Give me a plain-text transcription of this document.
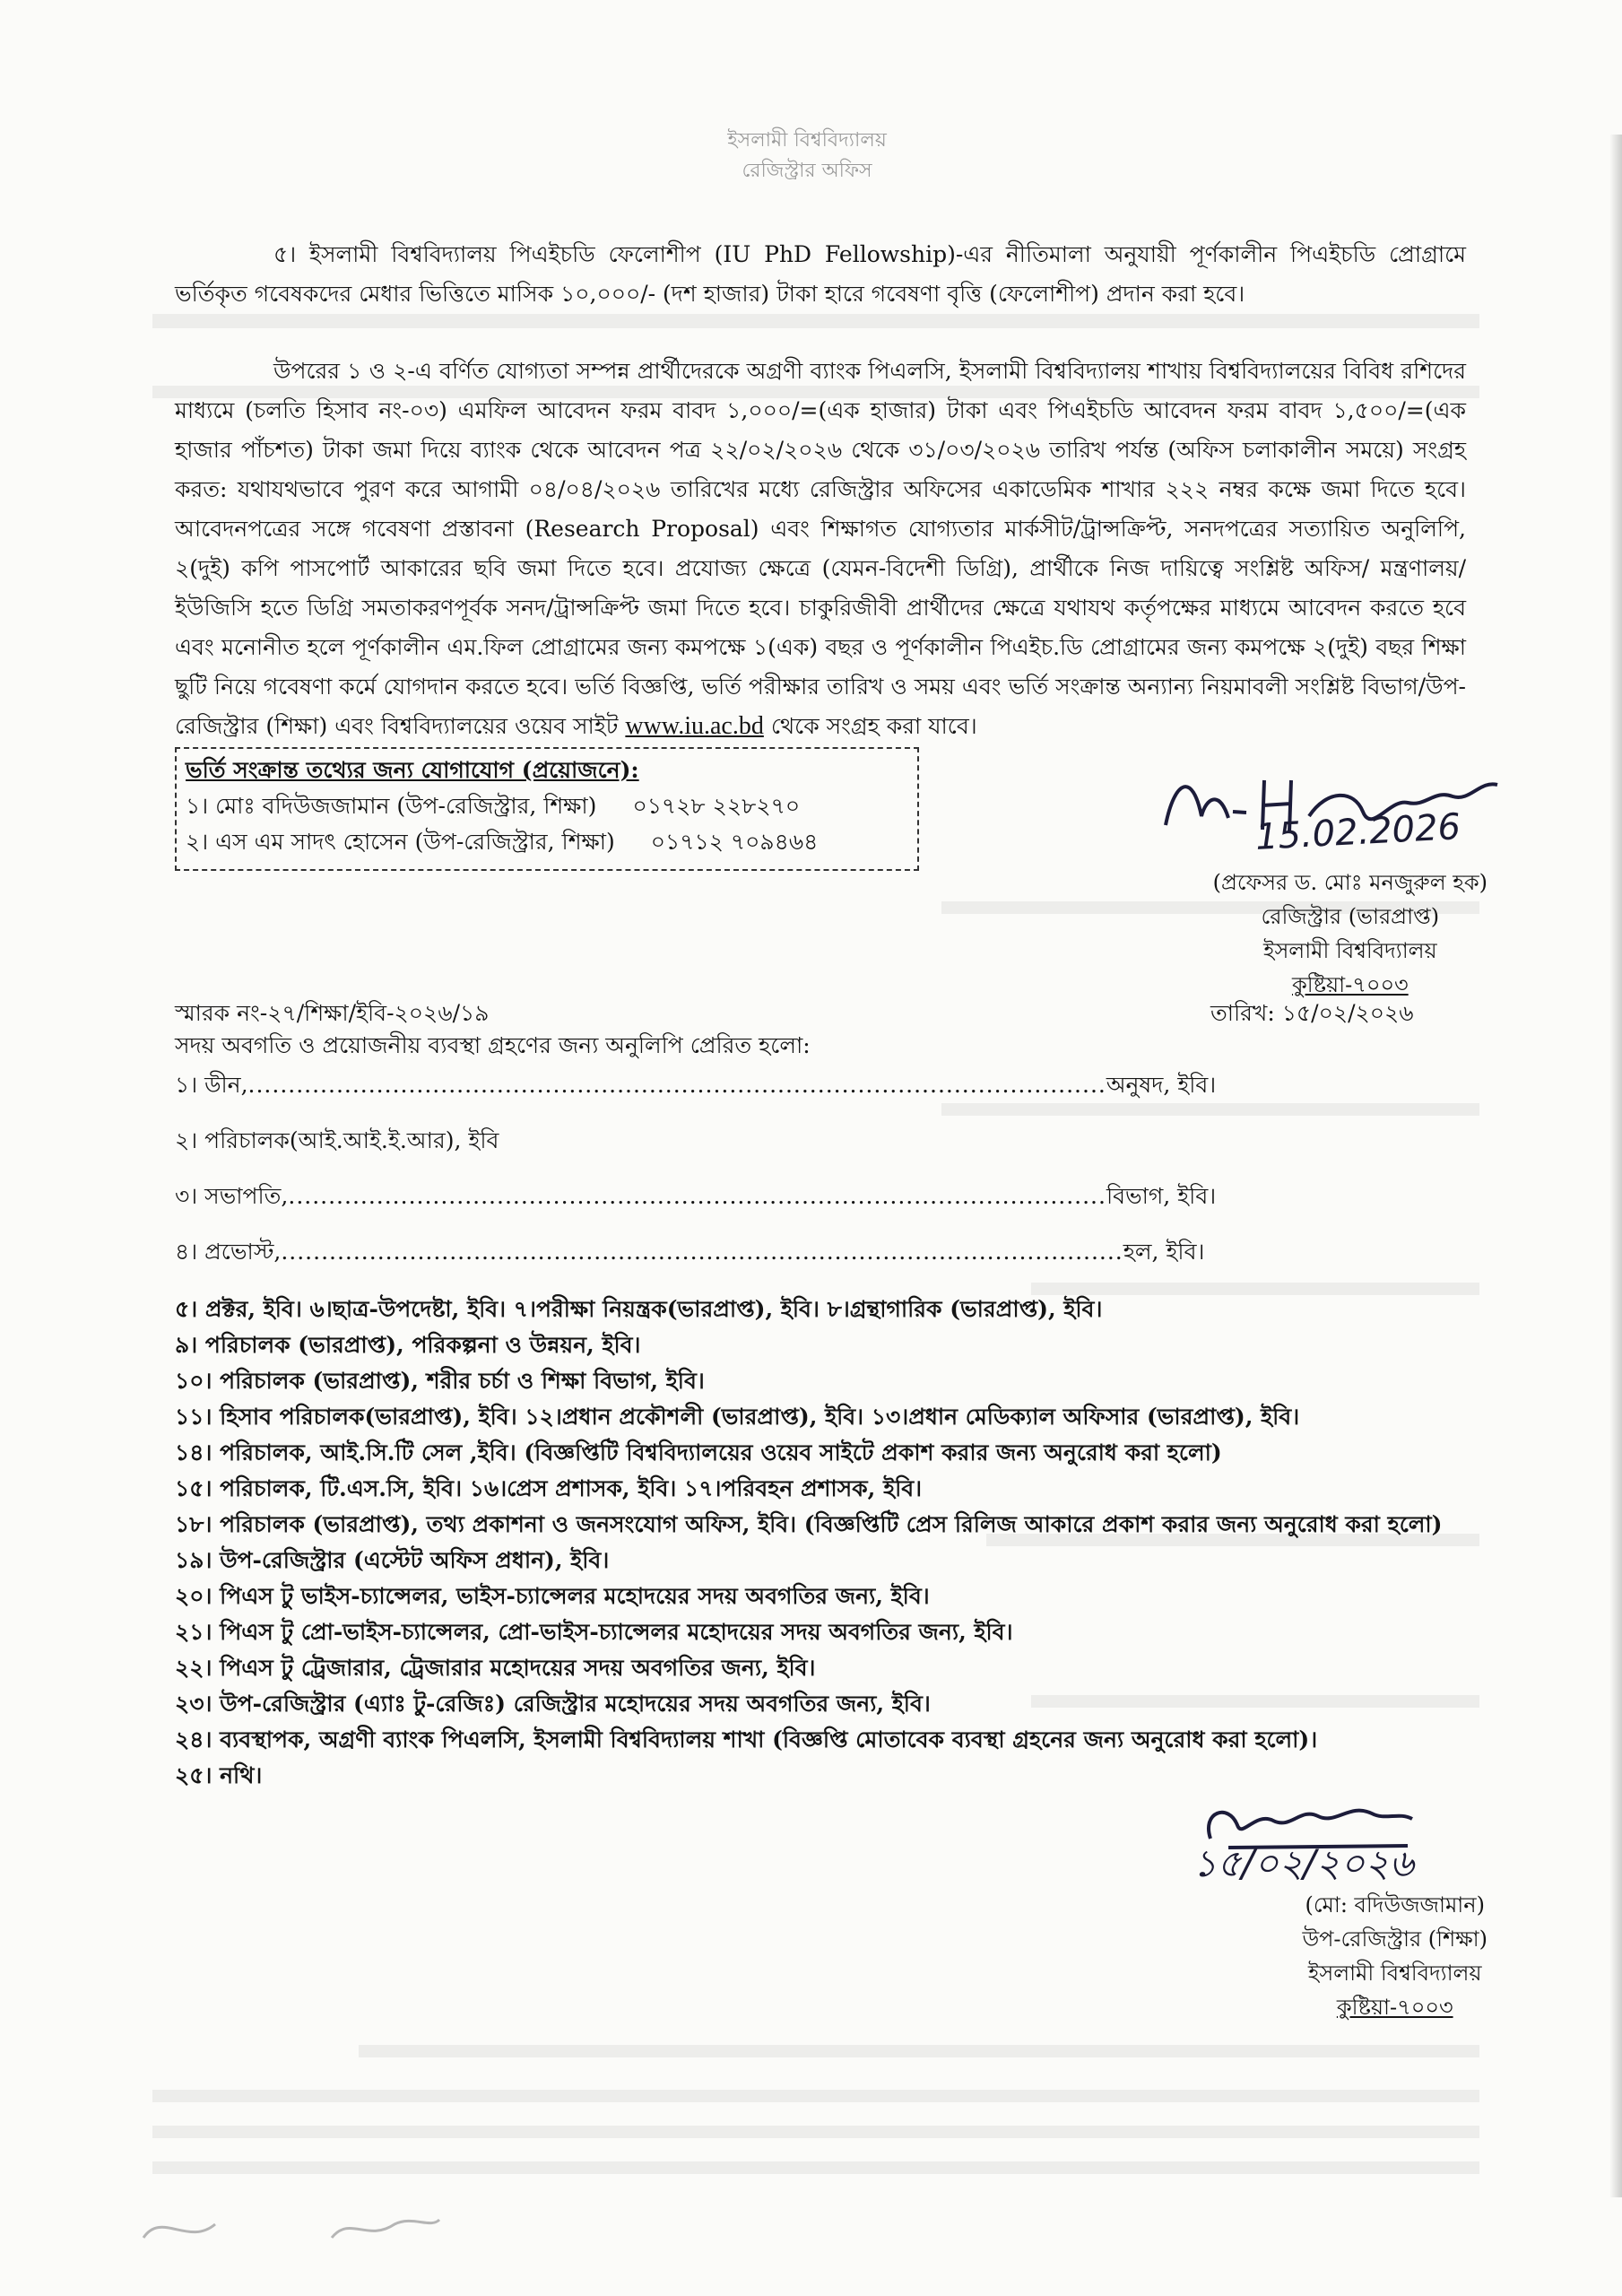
ইসলামী বিশ্ববিদ্যালয়
রেজিস্ট্রার অফিস

৫। ইসলামী বিশ্ববিদ্যালয় পিএইচডি ফেলোশীপ (IU PhD Fellowship)-এর নীতিমালা অনুযায়ী পূর্ণকালীন পিএইচডি প্রোগ্রামে ভর্তিকৃত গবেষকদের মেধার ভিত্তিতে মাসিক ১০,০০০/- (দশ হাজার) টাকা হারে গবেষণা বৃত্তি (ফেলোশীপ) প্রদান করা হবে।

উপরের ১ ও ২-এ বর্ণিত যোগ্যতা সম্পন্ন প্রার্থীদেরকে অগ্রণী ব্যাংক পিএলসি, ইসলামী বিশ্ববিদ্যালয় শাখায় বিশ্ববিদ্যালয়ের বিবিধ রশিদের মাধ্যমে (চলতি হিসাব নং-০৩) এমফিল আবেদন ফরম বাবদ ১,০০০/=(এক হাজার) টাকা এবং পিএইচডি আবেদন ফরম বাবদ ১,৫০০/=(এক হাজার পাঁচশত) টাকা জমা দিয়ে ব্যাংক থেকে আবেদন পত্র ২২/০২/২০২৬ থেকে ৩১/০৩/২০২৬ তারিখ পর্যন্ত (অফিস চলাকালীন সময়ে) সংগ্রহ করত: যথাযথভাবে পুরণ করে আগামী ০৪/০৪/২০২৬ তারিখের মধ্যে রেজিস্ট্রার অফিসের একাডেমিক শাখার ২২২ নম্বর কক্ষে জমা দিতে হবে। আবেদনপত্রের সঙ্গে গবেষণা প্রস্তাবনা (Research Proposal) এবং শিক্ষাগত যোগ্যতার মার্কসীট/ট্রান্সক্রিপ্ট, সনদপত্রের সত্যায়িত অনুলিপি, ২(দুই) কপি পাসপোর্ট আকারের ছবি জমা দিতে হবে। প্রযোজ্য ক্ষেত্রে (যেমন-বিদেশী ডিগ্রি), প্রার্থীকে নিজ দায়িত্বে সংশ্লিষ্ট অফিস/ মন্ত্রণালয়/ইউজিসি হতে ডিগ্রি সমতাকরণপূর্বক সনদ/ট্রান্সক্রিপ্ট জমা দিতে হবে। চাকুরিজীবী প্রার্থীদের ক্ষেত্রে যথাযথ কর্তৃপক্ষের মাধ্যমে আবেদন করতে হবে এবং মনোনীত হলে পূর্ণকালীন এম.ফিল প্রোগ্রামের জন্য কমপক্ষে ১(এক) বছর ও পূর্ণকালীন পিএইচ.ডি প্রোগ্রামের জন্য কমপক্ষে ২(দুই) বছর শিক্ষা ছুটি নিয়ে গবেষণা কর্মে যোগদান করতে হবে। ভর্তি বিজ্ঞপ্তি, ভর্তি পরীক্ষার তারিখ ও সময় এবং ভর্তি সংক্রান্ত অন্যান্য নিয়মাবলী সংশ্লিষ্ট বিভাগ/উপ-রেজিস্ট্রার (শিক্ষা) এবং বিশ্ববিদ্যালয়ের ওয়েব সাইট www.iu.ac.bd থেকে সংগ্রহ করা যাবে।

ভর্তি সংক্রান্ত তথ্যের জন্য যোগাযোগ (প্রয়োজনে):
১। মোঃ বদিউজজামান (উপ-রেজিস্ট্রার, শিক্ষা) ০১৭২৮ ২২৮২৭০
২। এস এম সাদৎ হোসেন (উপ-রেজিস্ট্রার, শিক্ষা) ০১৭১২ ৭০৯৪৬৪	15.02.2026
(প্রফেসর ড. মোঃ মনজুরুল হক)
রেজিস্ট্রার (ভারপ্রাপ্ত)
ইসলামী বিশ্ববিদ্যালয়
কুষ্টিয়া-৭০০৩
স্মারক নং-২৭/শিক্ষা/ইবি-২০২৬/১৯	তারিখ: ১৫/০২/২০২৬
সদয় অবগতি ও প্রয়োজনীয় ব্যবস্থা গ্রহণের জন্য অনুলিপি প্রেরিত হলো:
১। ডীন,...........................................................................................................অনুষদ, ইবি।
২। পরিচালক(আই.আই.ই.আর), ইবি
৩। সভাপতি,......................................................................................................বিভাগ, ইবি।
৪। প্রভোস্ট,.........................................................................................................হল, ইবি।
৫। প্রক্টর, ইবি। ৬।ছাত্র-উপদেষ্টা, ইবি। ৭।পরীক্ষা নিয়ন্ত্রক(ভারপ্রাপ্ত), ইবি। ৮।গ্রন্থাগারিক (ভারপ্রাপ্ত), ইবি।
৯। পরিচালক (ভারপ্রাপ্ত), পরিকল্পনা ও উন্নয়ন, ইবি।
১০। পরিচালক (ভারপ্রাপ্ত), শরীর চর্চা ও শিক্ষা বিভাগ, ইবি।
১১। হিসাব পরিচালক(ভারপ্রাপ্ত), ইবি। ১২।প্রধান প্রকৌশলী (ভারপ্রাপ্ত), ইবি। ১৩।প্রধান মেডিক্যাল অফিসার (ভারপ্রাপ্ত), ইবি।
১৪। পরিচালক, আই.সি.টি সেল ,ইবি। (বিজ্ঞপ্তিটি বিশ্ববিদ্যালয়ের ওয়েব সাইটে প্রকাশ করার জন্য অনুরোধ করা হলো)
১৫। পরিচালক, টি.এস.সি, ইবি। ১৬।প্রেস প্রশাসক, ইবি। ১৭।পরিবহন প্রশাসক, ইবি।
১৮। পরিচালক (ভারপ্রাপ্ত), তথ্য প্রকাশনা ও জনসংযোগ অফিস, ইবি। (বিজ্ঞপ্তিটি প্রেস রিলিজ আকারে প্রকাশ করার জন্য অনুরোধ করা হলো)
১৯। উপ-রেজিস্ট্রার (এস্টেট অফিস প্রধান), ইবি।
২০। পিএস টু ভাইস-চ্যান্সেলর, ভাইস-চ্যান্সেলর মহোদয়ের সদয় অবগতির জন্য, ইবি।
২১। পিএস টু প্রো-ভাইস-চ্যান্সেলর, প্রো-ভাইস-চ্যান্সেলর মহোদয়ের সদয় অবগতির জন্য, ইবি।
২২। পিএস টু ট্রেজারার, ট্রেজারার মহোদয়ের সদয় অবগতির জন্য, ইবি।
২৩। উপ-রেজিস্ট্রার (এ্যাঃ টু-রেজিঃ) রেজিস্ট্রার মহোদয়ের সদয় অবগতির জন্য, ইবি।
২৪। ব্যবস্থাপক, অগ্রণী ব্যাংক পিএলসি, ইসলামী বিশ্ববিদ্যালয় শাখা (বিজ্ঞপ্তি মোতাবেক ব্যবস্থা গ্রহনের জন্য অনুরোধ করা হলো)।
২৫। নথি।
১৫/০২/২০২৬
(মো: বদিউজজামান)
উপ-রেজিস্ট্রার (শিক্ষা)
ইসলামী বিশ্ববিদ্যালয়
কুষ্টিয়া-৭০০৩
